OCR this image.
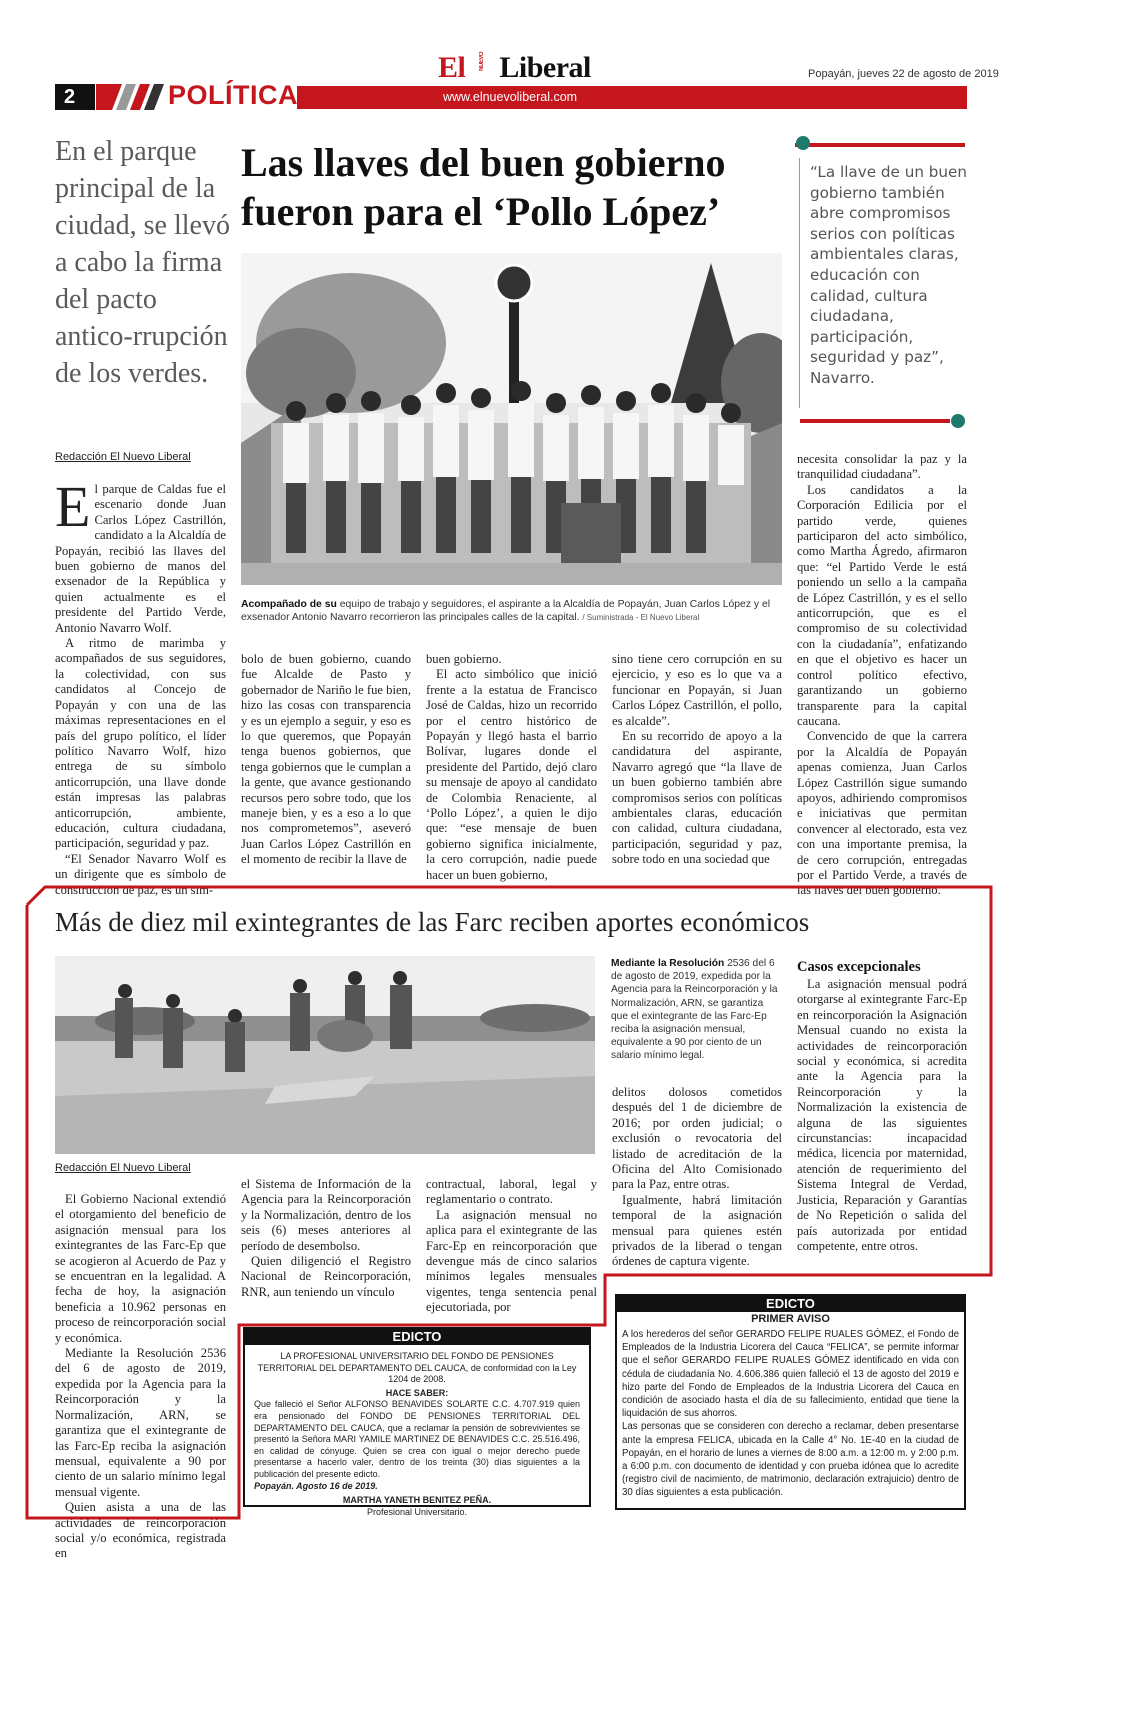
2	POLÍTICA
El NUEVO Liberal
www.elnuevoliberal.com
Popayán, jueves 22 de agosto de 2019
En el parque principal de la ciudad, se llevó a cabo la firma del pacto antico-rrupción de los verdes.
Las llaves del buen gobierno fueron para el ‘Pollo López’
“La llave de un buen gobierno también abre compromisos serios con políticas ambientales claras, educación con calidad, cultura ciudadana, participación, seguridad y paz”, Navarro.
Acompañado de su equipo de trabajo y seguidores, el aspirante a la Alcaldía de Popayán, Juan Carlos López y el exsenador Antonio Navarro recorrieron las principales calles de la capital. / Suministrada - El Nuevo Liberal
Redacción El Nuevo Liberal

El parque de Caldas fue el escenario donde Juan Carlos López Castrillón, candidato a la Alcaldía de Popayán, recibió las llaves del buen gobierno de manos del exsenador de la República y quien actualmente es el presidente del Partido Verde, Antonio Navarro Wolf.

A ritmo de marimba y acompañados de sus seguidores, la colectividad, con sus candidatos al Concejo de Popayán y con una de las máximas representaciones en el país del grupo político, el líder político Navarro Wolf, hizo entrega de su símbolo anticorrupción, una llave donde están impresas las palabras anticorrupción, ambiente, educación, cultura ciudadana, participación, seguridad y paz.

“El Senador Navarro Wolf es un dirigente que es símbolo de construcción de paz, es un sím-

bolo de buen gobierno, cuando fue Alcalde de Pasto y gobernador de Nariño le fue bien, hizo las cosas con transparencia y es un ejemplo a seguir, y eso es lo que queremos, que Popayán tenga buenos gobiernos, que tenga gobiernos que le cumplan a la gente, que avance gestionando recursos pero sobre todo, que los maneje bien, y es a eso a lo que nos comprometemos”, aseveró Juan Carlos López Castrillón en el momento de recibir la llave de

buen gobierno.

El acto simbólico que inició frente a la estatua de Francisco José de Caldas, hizo un recorrido por el centro histórico de Popayán y llegó hasta el barrio Bolívar, lugares donde el presidente del Partido, dejó claro su mensaje de apoyo al candidato de Colombia Renaciente, al ‘Pollo López’, a quien le dijo que: “ese mensaje de buen gobierno significa inicialmente, la cero corrupción, nadie puede hacer un buen gobierno,

sino tiene cero corrupción en su ejercicio, y eso es lo que va a funcionar en Popayán, si Juan Carlos López Castrillón, el pollo, es alcalde”.

En su recorrido de apoyo a la candidatura del aspirante, Navarro agregó que “la llave de un buen gobierno también abre compromisos serios con políticas ambientales claras, educación con calidad, cultura ciudadana, participación, seguridad y paz, sobre todo en una sociedad que

necesita consolidar la paz y la tranquilidad ciudadana”.

Los candidatos a la Corporación Edilicia por el partido verde, quienes participaron del acto simbólico, como Martha Ágredo, afirmaron que: “el Partido Verde le está poniendo un sello a la campaña de López Castrillón, y es el sello anticorrupción, que es el compromiso de su colectividad con la ciudadanía”, enfatizando en que el objetivo es hacer un control político efectivo, garantizando un gobierno transparente para la capital caucana.

Convencido de que la carrera por la Alcaldía de Popayán apenas comienza, Juan Carlos López Castrillón sigue sumando apoyos, adhiriendo compromisos e iniciativas que permitan convencer al electorado, esta vez con una importante premisa, la de cero corrupción, entregadas por el Partido Verde, a través de las llaves del buen gobierno.

Más de diez mil exintegrantes de las Farc reciben aportes económicos
Redacción El Nuevo Liberal
Mediante la Resolución 2536 del 6 de agosto de 2019, expedida por la Agencia para la Reincorporación y la Normalización, ARN, se garantiza que el exintegrante de las Farc-Ep reciba la asignación mensual, equivalente a 90 por ciento de un salario mínimo legal.
Casos excepcionales

El Gobierno Nacional extendió el otorgamiento del beneficio de asignación mensual para los exintegrantes de las Farc-Ep que se acogieron al Acuerdo de Paz y se encuentran en la legalidad. A fecha de hoy, la asignación beneficia a 10.962 personas en proceso de reincorporación social y económica.

Mediante la Resolución 2536 del 6 de agosto de 2019, expedida por la Agencia para la Reincorporación y la Normalización, ARN, se garantiza que el exintegrante de las Farc-Ep reciba la asignación mensual, equivalente a 90 por ciento de un salario mínimo legal mensual vigente.

Quien asista a una de las actividades de reincorporación social y/o económica, registrada en

el Sistema de Información de la Agencia para la Reincorporación y la Normalización, dentro de los seis (6) meses anteriores al período de desembolso.

Quien diligenció el Registro Nacional de Reincorporación, RNR, aun teniendo un vínculo

contractual, laboral, legal y reglamentario o contrato.

La asignación mensual no aplica para el exintegrante de las Farc-Ep en reincorporación que devengue más de cinco salarios mínimos legales mensuales vigentes, tenga sentencia penal ejecutoriada, por

delitos dolosos cometidos después del 1 de diciembre de 2016; por orden judicial; o exclusión o revocatoria del listado de acreditación de la Oficina del Alto Comisionado para la Paz, entre otras.

Igualmente, habrá limitación temporal de la asignación mensual para quienes estén privados de la liberad o tengan órdenes de captura vigente.

La asignación mensual podrá otorgarse al exintegrante Farc-Ep en reincorporación la Asignación Mensual cuando no exista la actividades de reincorporación social y económica, si acredita ante la Agencia para la Reincorporación y la Normalización la existencia de alguna de las siguientes circunstancias: incapacidad médica, licencia por maternidad, atención de requerimiento del Sistema Integral de Verdad, Justicia, Reparación y Garantías de No Repetición o salida del país autorizada por entidad competente, entre otros.

EDICTO
LA PROFESIONAL UNIVERSITARIO DEL FONDO DE PENSIONES TERRITORIAL DEL DEPARTAMENTO DEL CAUCA, de conformidad con la Ley 1204 de 2008.
HACE SABER:
Que falleció el Señor ALFONSO BENAVIDES SOLARTE C.C. 4.707.919 quien era pensionado del FONDO DE PENSIONES TERRITORIAL DEL DEPARTAMENTO DEL CAUCA, que a reclamar la pensión de sobrevivientes se presentó la Señora MARI YAMILE MARTINEZ DE BENAVIDES C.C. 25.516.496, en calidad de cónyuge. Quien se crea con igual o mejor derecho puede presentarse a hacerlo valer, dentro de los treinta (30) días siguientes a la publicación del presente edicto.
Popayán. Agosto 16 de 2019.
MARTHA YANETH BENITEZ PEÑA.
Profesional Universitario.
EDICTO
PRIMER AVISO
A los herederos del señor GERARDO FELIPE RUALES GÓMEZ, el Fondo de Empleados de la Industria Licorera del Cauca “FELICA”, se permite informar que el señor GERARDO FELIPE RUALES GÓMEZ identificado en vida con cédula de ciudadanía No. 4.606.386 quien falleció el 13 de agosto del 2019 e hizo parte del Fondo de Empleados de la Industria Licorera del Cauca en condición de asociado hasta el día de su fallecimiento, entidad que tiene la liquidación de sus ahorros.
Las personas que se consideren con derecho a reclamar, deben presentarse ante la empresa FELICA, ubicada en la Calle 4° No. 1E-40 en la ciudad de Popayán, en el horario de lunes a viernes de 8:00 a.m. a 12:00 m. y 2:00 p.m. a 6:00 p.m. con documento de identidad y con prueba idónea que lo acredite (registro civil de nacimiento, de matrimonio, declaración extrajuicio) dentro de 30 días siguientes a esta publicación.
